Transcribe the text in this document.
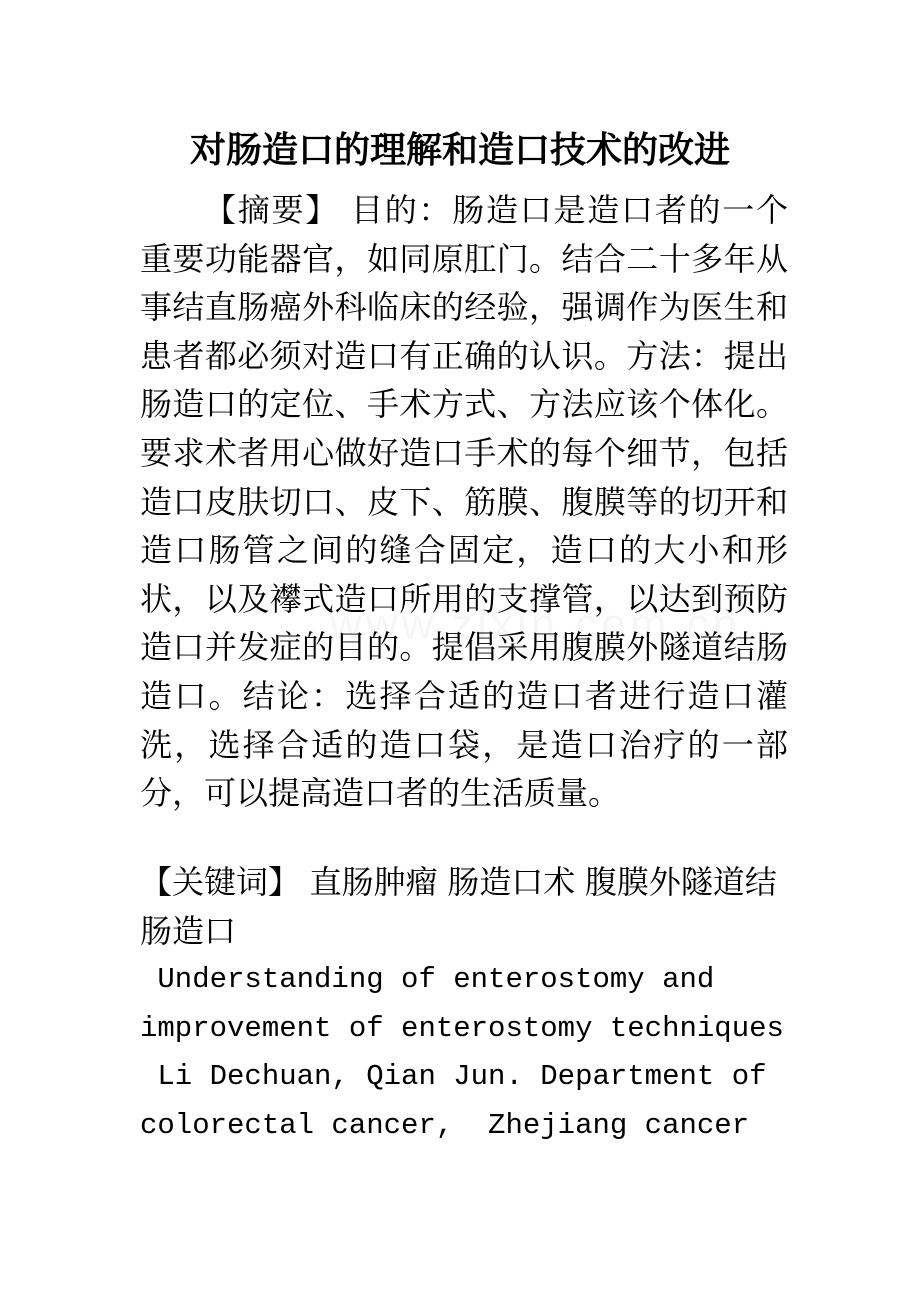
对肠造口的理解和造口技术的改进
【摘要】 目的：肠造口是造口者的一个重要功能器官，如同原肛门。结合二十多年从事结直肠癌外科临床的经验，强调作为医生和患者都必须对造口有正确的认识。方法：提出肠造口的定位、手术方式、方法应该个体化。要求术者用心做好造口手术的每个细节，包括造口皮肤切口、皮下、筋膜、腹膜等的切开和造口肠管之间的缝合固定，造口的大小和形状，以及襻式造口所用的支撑管，以达到预防造口并发症的目的。提倡采用腹膜外隧道结肠造口。结论：选择合适的造口者进行造口灌洗，选择合适的造口袋，是造口治疗的一部分，可以提高造口者的生活质量。
【关键词】 直肠肿瘤 肠造口术 腹膜外隧道结肠造口
Understanding of enterostomy and
improvement of enterostomy techniques
Li Dechuan, Qian Jun. Department of
colorectal cancer,  Zhejiang cancer
